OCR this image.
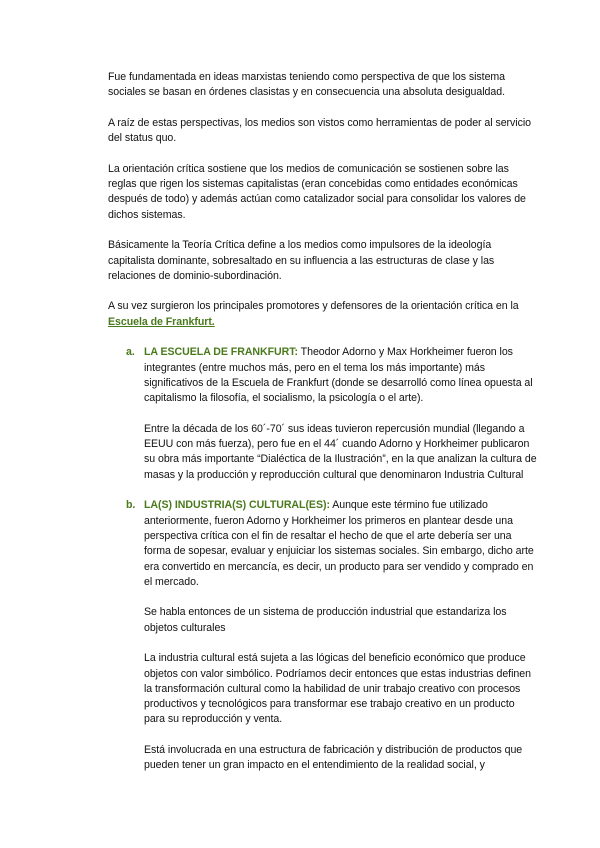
Fue fundamentada en ideas marxistas teniendo como perspectiva de que los sistema sociales se basan en órdenes clasistas y en consecuencia una absoluta desigualdad.

A raíz de estas perspectivas, los medios son vistos como herramientas de poder al servicio del status quo.

La orientación crítica sostiene que los medios de comunicación se sostienen sobre las reglas que rigen los sistemas capitalistas (eran concebidas como entidades económicas después de todo) y además actúan como catalizador social para consolidar los valores de dichos sistemas.

Básicamente la Teoría Crítica define a los medios como impulsores de la ideología capitalista dominante, sobresaltado en su influencia a las estructuras de clase y las relaciones de dominio-subordinación.

A su vez surgieron los principales promotores y defensores de la orientación crítica en la Escuela de Frankfurt.

a. LA ESCUELA DE FRANKFURT: Theodor Adorno y Max Horkheimer fueron los integrantes (entre muchos más, pero en el tema los más importante) más significativos de la Escuela de Frankfurt (donde se desarrolló como línea opuesta al capitalismo la filosofía, el socialismo, la psicología o el arte).

Entre la década de los 60´-70´ sus ideas tuvieron repercusión mundial (llegando a EEUU con más fuerza), pero fue en el 44´ cuando Adorno y Horkheimer publicaron su obra más importante “Dialéctica de la Ilustración”, en la que analizan la cultura de masas y la producción y reproducción cultural que denominaron Industria Cultural

b. LA(S) INDUSTRIA(S) CULTURAL(ES): Aunque este término fue utilizado anteriormente, fueron Adorno y Horkheimer los primeros en plantear desde una perspectiva crítica con el fin de resaltar el hecho de que el arte debería ser una forma de sopesar, evaluar y enjuiciar los sistemas sociales. Sin embargo, dicho arte era convertido en mercancía, es decir, un producto para ser vendido y comprado en el mercado.

Se habla entonces de un sistema de producción industrial que estandariza los objetos culturales

La industria cultural está sujeta a las lógicas del beneficio económico que produce objetos con valor simbólico. Podríamos decir entonces que estas industrias definen la transformación cultural como la habilidad de unir trabajo creativo con procesos productivos y tecnológicos para transformar ese trabajo creativo en un producto para su reproducción y venta.

Está involucrada en una estructura de fabricación y distribución de productos que pueden tener un gran impacto en el entendimiento de la realidad social, y
